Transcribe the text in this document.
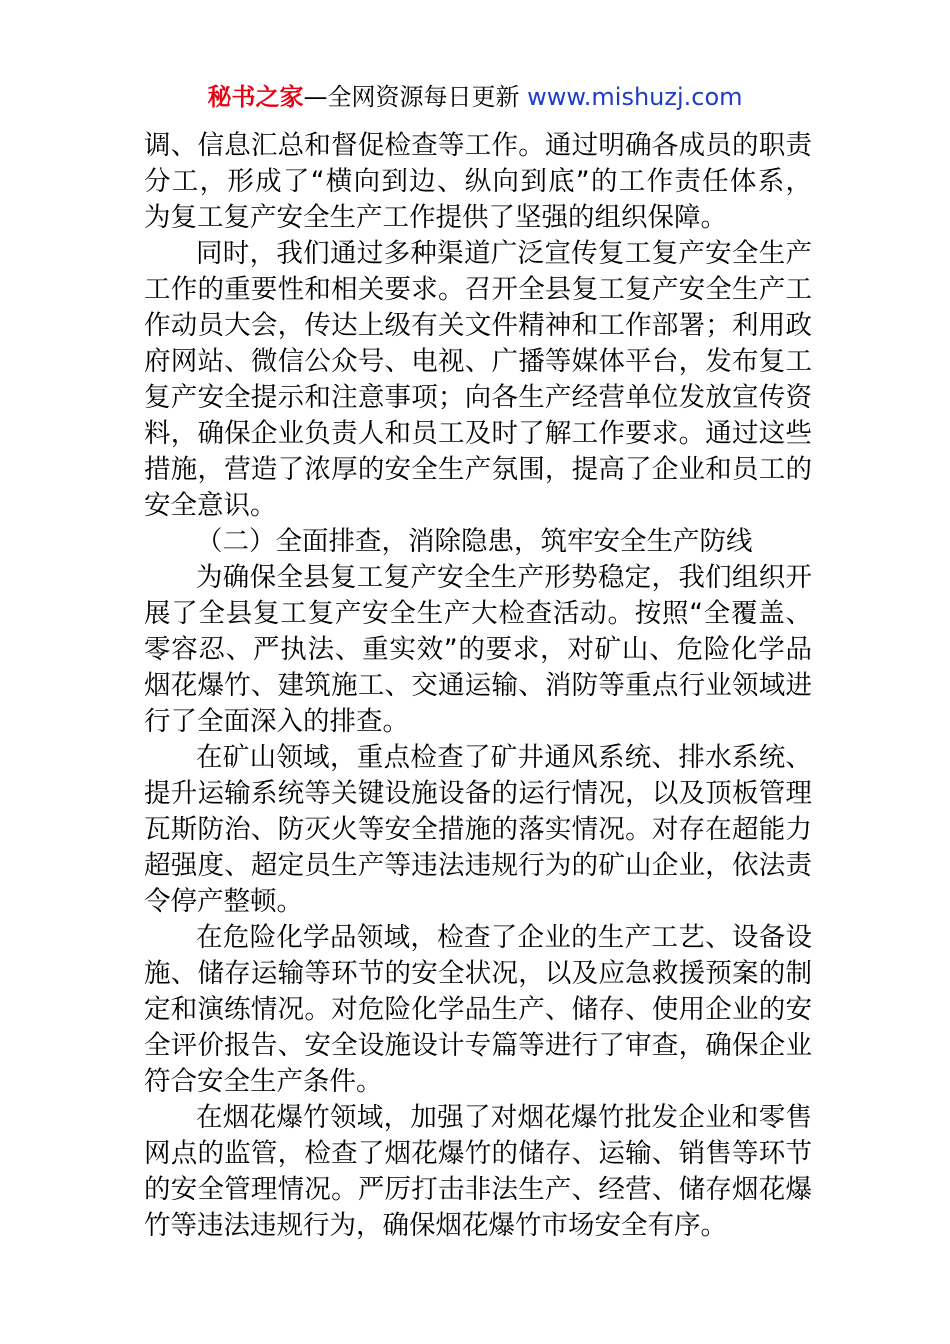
秘书之家—全网资源每日更新 www.mishuzj.com
调、信息汇总和督促检查等工作。通过明确各成员的职责
分工，形成了“横向到边、纵向到底”的工作责任体系，
为复工复产安全生产工作提供了坚强的组织保障。
同时，我们通过多种渠道广泛宣传复工复产安全生产
工作的重要性和相关要求。召开全县复工复产安全生产工
作动员大会，传达上级有关文件精神和工作部署；利用政
府网站、微信公众号、电视、广播等媒体平台，发布复工
复产安全提示和注意事项；向各生产经营单位发放宣传资
料，确保企业负责人和员工及时了解工作要求。通过这些
措施，营造了浓厚的安全生产氛围，提高了企业和员工的
安全意识。
（二）全面排查，消除隐患，筑牢安全生产防线
为确保全县复工复产安全生产形势稳定，我们组织开
展了全县复工复产安全生产大检查活动。按照“全覆盖、
零容忍、严执法、重实效”的要求，对矿山、危险化学品
烟花爆竹、建筑施工、交通运输、消防等重点行业领域进
行了全面深入的排查。
在矿山领域，重点检查了矿井通风系统、排水系统、
提升运输系统等关键设施设备的运行情况，以及顶板管理
瓦斯防治、防灭火等安全措施的落实情况。对存在超能力
超强度、超定员生产等违法违规行为的矿山企业，依法责
令停产整顿。
在危险化学品领域，检查了企业的生产工艺、设备设
施、储存运输等环节的安全状况，以及应急救援预案的制
定和演练情况。对危险化学品生产、储存、使用企业的安
全评价报告、安全设施设计专篇等进行了审查，确保企业
符合安全生产条件。
在烟花爆竹领域，加强了对烟花爆竹批发企业和零售
网点的监管，检查了烟花爆竹的储存、运输、销售等环节
的安全管理情况。严厉打击非法生产、经营、储存烟花爆
竹等违法违规行为，确保烟花爆竹市场安全有序。
